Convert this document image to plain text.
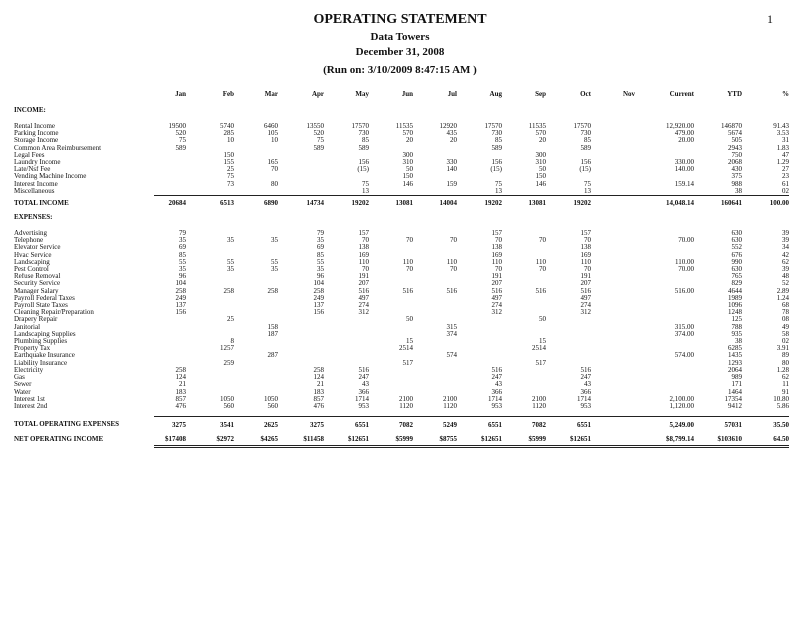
OPERATING STATEMENT	1
Data Towers
December 31, 2008
(Run on: 3/10/2009 8:47:15 AM )
	Jan	Feb	Mar	Apr	May	Jun	Jul	Aug	Sep	Oct	Nov	Current	YTD	%
INCOME:														

Rental Income	19500	5740	6460	13550	17570	11535	12920	17570	11535	17570		12,920.00	146870	91.43
Parking Income	520	285	105	520	730	570	435	730	570	730		479.00	5674	3.53
Storage Income	75	10	10	75	85	20	20	85	20	85		20.00	505	31
Common Area Reimbursement	589			589	589			589		589			2943	1.83
Legal Fees		150				300			300				750	47
Laundry Income		155	165		156	310	330	156	310	156		330.00	2068	1.29
Late/Nsf Fee		25	70		(15)	50	140	(15)	50	(15)		140.00	430	27
Vending Machine Income		75				150			150				375	23
Interest Income		73	80		75	146	159	75	146	75		159.14	988	61
Miscellaneous					13			13		13			38	02
TOTAL INCOME	20684	6513	6890	14734	19202	13081	14004	19202	13081	19202		14,048.14	160641	100.00
EXPENSES:														

Advertising	79			79	157			157		157			630	39
Telephone	35	35	35	35	70	70	70	70	70	70		70.00	630	39
Elevator Service	69			69	138			138		138			552	34
Hvac Service	85			85	169			169		169			676	42
Landscaping	55	55	55	55	110	110	110	110	110	110		110.00	990	62
Pest Control	35	35	35	35	70	70	70	70	70	70		70.00	630	39
Refuse Removal	96			96	191			191		191			765	48
Security Service	104			104	207			207		207			829	52
Manager Salary	258	258	258	258	516	516	516	516	516	516		516.00	4644	2.89
Payroll Federal Taxes	249			249	497			497		497			1989	1.24
Payroll State Taxes	137			137	274			274		274			1096	68
Cleaning Repair/Preparation	156			156	312			312		312			1248	78
Drapery Repair		25				50			50				125	08
Janitorial			158				315					315.00	788	49
Landscaping Supplies			187				374					374.00	935	58
Plumbing Supplies		8				15			15				38	02
Property Tax		1257				2514			2514				6285	3.91
Earthquake Insurance			287				574					574.00	1435	89
Liability Insurance		259				517			517				1293	80
Electricity	258			258	516			516		516			2064	1.28
Gas	124			124	247			247		247			989	62
Sewer	21			21	43			43		43			171	11
Water	183			183	366			366		366			1464	91
Interest 1st	857	1050	1050	857	1714	2100	2100	1714	2100	1714		2,100.00	17354	10.80
Interest 2nd	476	560	560	476	953	1120	1120	953	1120	953		1,120.00	9412	5.86

TOTAL OPERATING EXPENSES	3275	3541	2625	3275	6551	7082	5249	6551	7082	6551		5,249.00	57031	35.50
NET OPERATING INCOME	$17408	$2972	$4265	$11458	$12651	$5999	$8755	$12651	$5999	$12651		$8,799.14	$103610	64.50
